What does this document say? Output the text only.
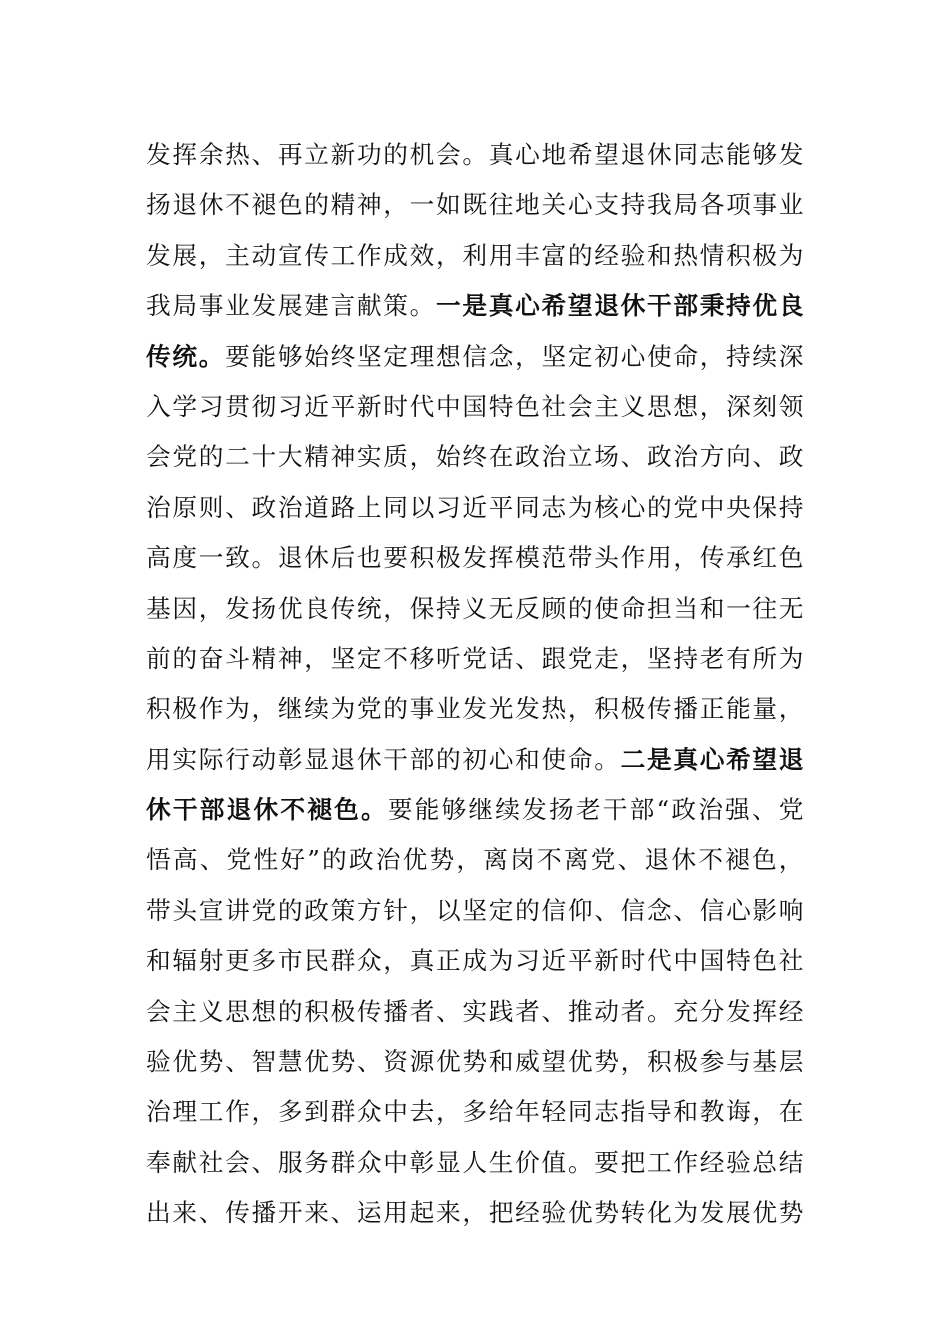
发挥余热、再立新功的机会。真心地希望退休同志能够发
扬退休不褪色的精神，一如既往地关心支持我局各项事业
发展，主动宣传工作成效，利用丰富的经验和热情积极为
我局事业发展建言献策。一是真心希望退休干部秉持优良
传统。要能够始终坚定理想信念，坚定初心使命，持续深
入学习贯彻习近平新时代中国特色社会主义思想，深刻领
会党的二十大精神实质，始终在政治立场、政治方向、政
治原则、政治道路上同以习近平同志为核心的党中央保持
高度一致。退休后也要积极发挥模范带头作用，传承红色
基因，发扬优良传统，保持义无反顾的使命担当和一往无
前的奋斗精神，坚定不移听党话、跟党走，坚持老有所为
积极作为，继续为党的事业发光发热，积极传播正能量，
用实际行动彰显退休干部的初心和使命。二是真心希望退
休干部退休不褪色。要能够继续发扬老干部“政治强、党
悟高、党性好”的政治优势，离岗不离党、退休不褪色，
带头宣讲党的政策方针，以坚定的信仰、信念、信心影响
和辐射更多市民群众，真正成为习近平新时代中国特色社
会主义思想的积极传播者、实践者、推动者。充分发挥经
验优势、智慧优势、资源优势和威望优势，积极参与基层
治理工作，多到群众中去，多给年轻同志指导和教诲，在
奉献社会、服务群众中彰显人生价值。要把工作经验总结
出来、传播开来、运用起来，把经验优势转化为发展优势
